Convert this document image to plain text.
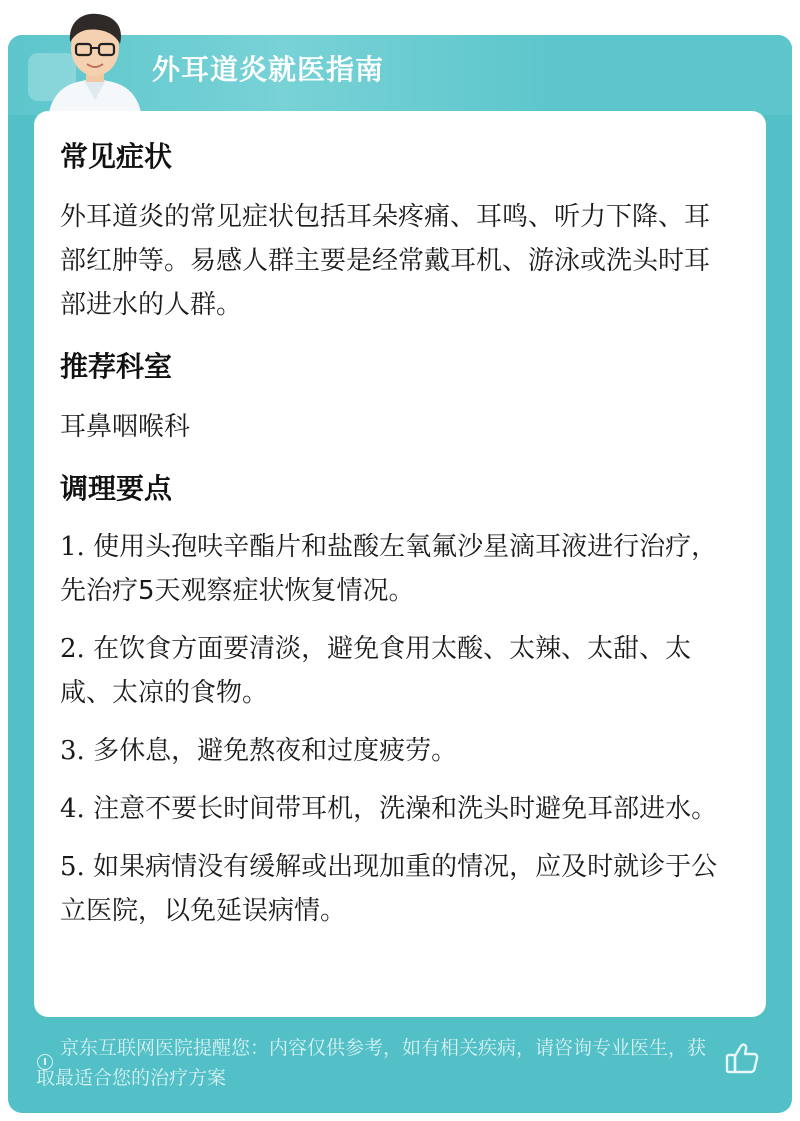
外耳道炎就医指南
常见症状

外耳道炎的常见症状包括耳朵疼痛、耳鸣、听力下降、耳部红肿等。易感人群主要是经常戴耳机、游泳或洗头时耳部进水的人群。

推荐科室

耳鼻咽喉科

调理要点

1. 使用头孢呋辛酯片和盐酸左氧氟沙星滴耳液进行治疗，先治疗5天观察症状恢复情况。

2. 在饮食方面要清淡，避免食用太酸、太辣、太甜、太咸、太凉的食物。

3. 多休息，避免熬夜和过度疲劳。

4. 注意不要长时间带耳机，洗澡和洗头时避免耳部进水。

5. 如果病情没有缓解或出现加重的情况，应及时就诊于公立医院，以免延误病情。

京东互联网医院提醒您：内容仅供参考，如有相关疾病，请咨询专业医生，获取最适合您的治疗方案
